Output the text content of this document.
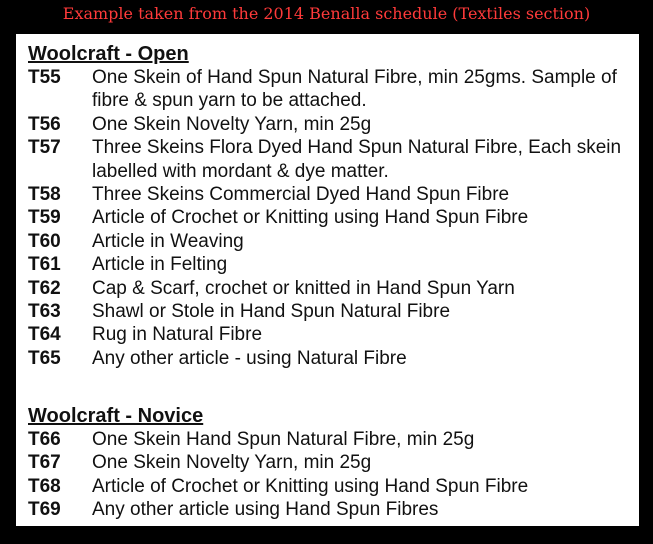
Example taken from the 2014 Benalla schedule (Textiles section)
Woolcraft - Open
T55	One Skein of Hand Spun Natural Fibre, min 25gms. Sample of fibre & spun yarn to be attached.
T56	One Skein Novelty Yarn, min 25g
T57	Three Skeins Flora Dyed Hand Spun Natural Fibre, Each skein labelled with mordant & dye matter.
T58	Three Skeins Commercial Dyed Hand Spun Fibre
T59	Article of Crochet or Knitting using Hand Spun Fibre
T60	Article in Weaving
T61	Article in Felting
T62	Cap & Scarf, crochet or knitted in Hand Spun Yarn
T63	Shawl or Stole in Hand Spun Natural Fibre
T64	Rug in Natural Fibre
T65	Any other article - using Natural Fibre
Woolcraft - Novice
T66	One Skein Hand Spun Natural Fibre, min 25g
T67	One Skein Novelty Yarn, min 25g
T68	Article of Crochet or Knitting using Hand Spun Fibre
T69	Any other article using Hand Spun Fibres
